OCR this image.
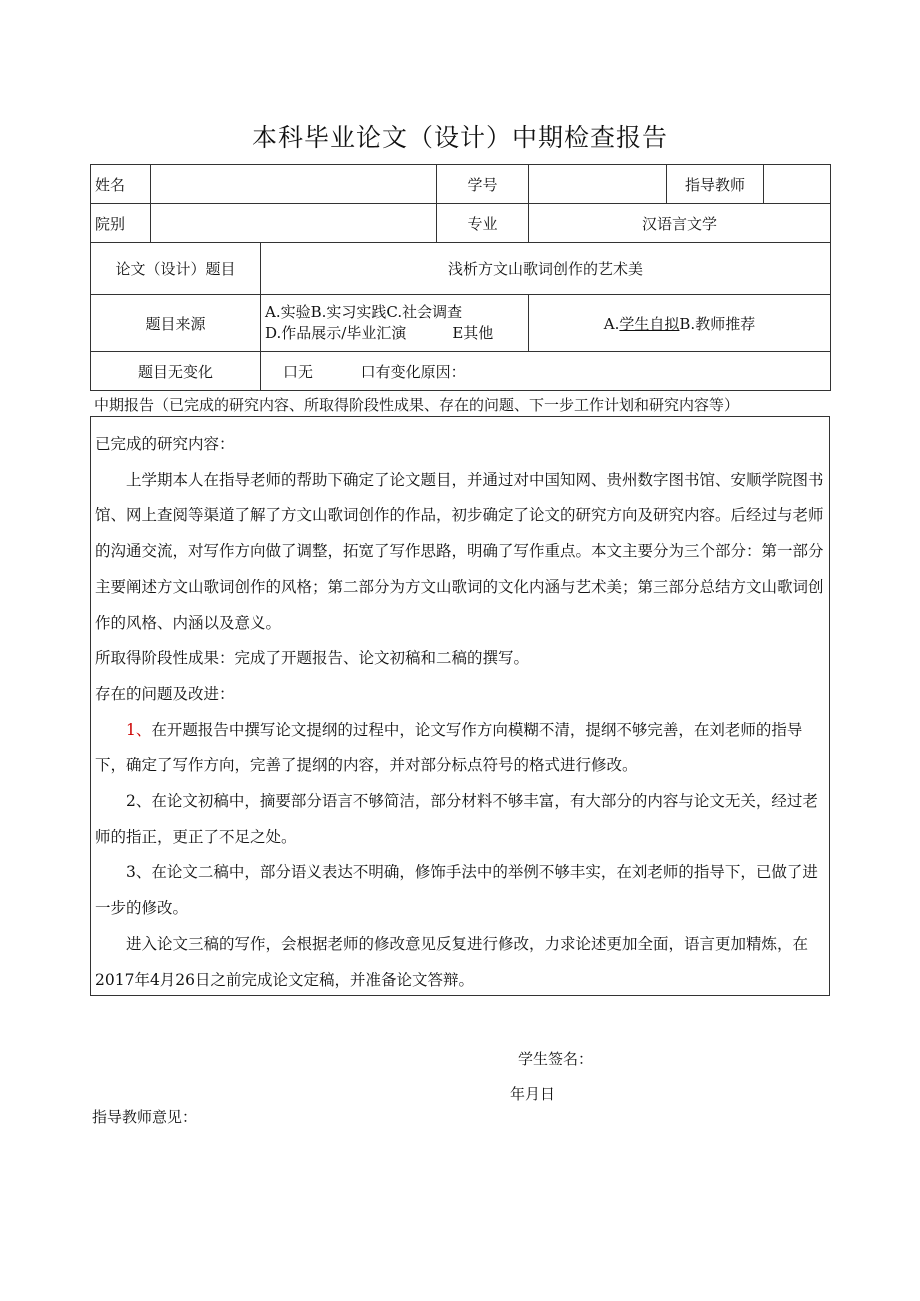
本科毕业论文（设计）中期检查报告
姓名			学号		指导教师

院别			专业	汉语言文学	
论文（设计）题目		浅析方文山歌词创作的艺术美			
题目来源		A.实验B.实习实践C.社会调查
D.作品展示/毕业汇演 E其他		A.学生自拟B.教师推荐	
题目无变化		口无 口有变化原因：			
中期报告（已完成的研究内容、所取得阶段性成果、存在的问题、下一步工作计划和研究内容等）

已完成的研究内容：

上学期本人在指导老师的帮助下确定了论文题目，并通过对中国知网、贵州数字图书馆、安顺学院图书馆、网上查阅等渠道了解了方文山歌词创作的作品，初步确定了论文的研究方向及研究内容。后经过与老师的沟通交流，对写作方向做了调整，拓宽了写作思路，明确了写作重点。本文主要分为三个部分：第一部分主要阐述方文山歌词创作的风格；第二部分为方文山歌词的文化内涵与艺术美；第三部分总结方文山歌词创作的风格、内涵以及意义。

所取得阶段性成果：完成了开题报告、论文初稿和二稿的撰写。

存在的问题及改进：

1、在开题报告中撰写论文提纲的过程中，论文写作方向模糊不清，提纲不够完善，在刘老师的指导下，确定了写作方向，完善了提纲的内容，并对部分标点符号的格式进行修改。

2、在论文初稿中，摘要部分语言不够简洁，部分材料不够丰富，有大部分的内容与论文无关，经过老师的指正，更正了不足之处。

3、在论文二稿中，部分语义表达不明确，修饰手法中的举例不够丰实，在刘老师的指导下，已做了进一步的修改。

进入论文三稿的写作，会根据老师的修改意见反复进行修改，力求论述更加全面，语言更加精炼，在2017年4月26日之前完成论文定稿，并准备论文答辩。

学生签名：
年月日
指导教师意见：
